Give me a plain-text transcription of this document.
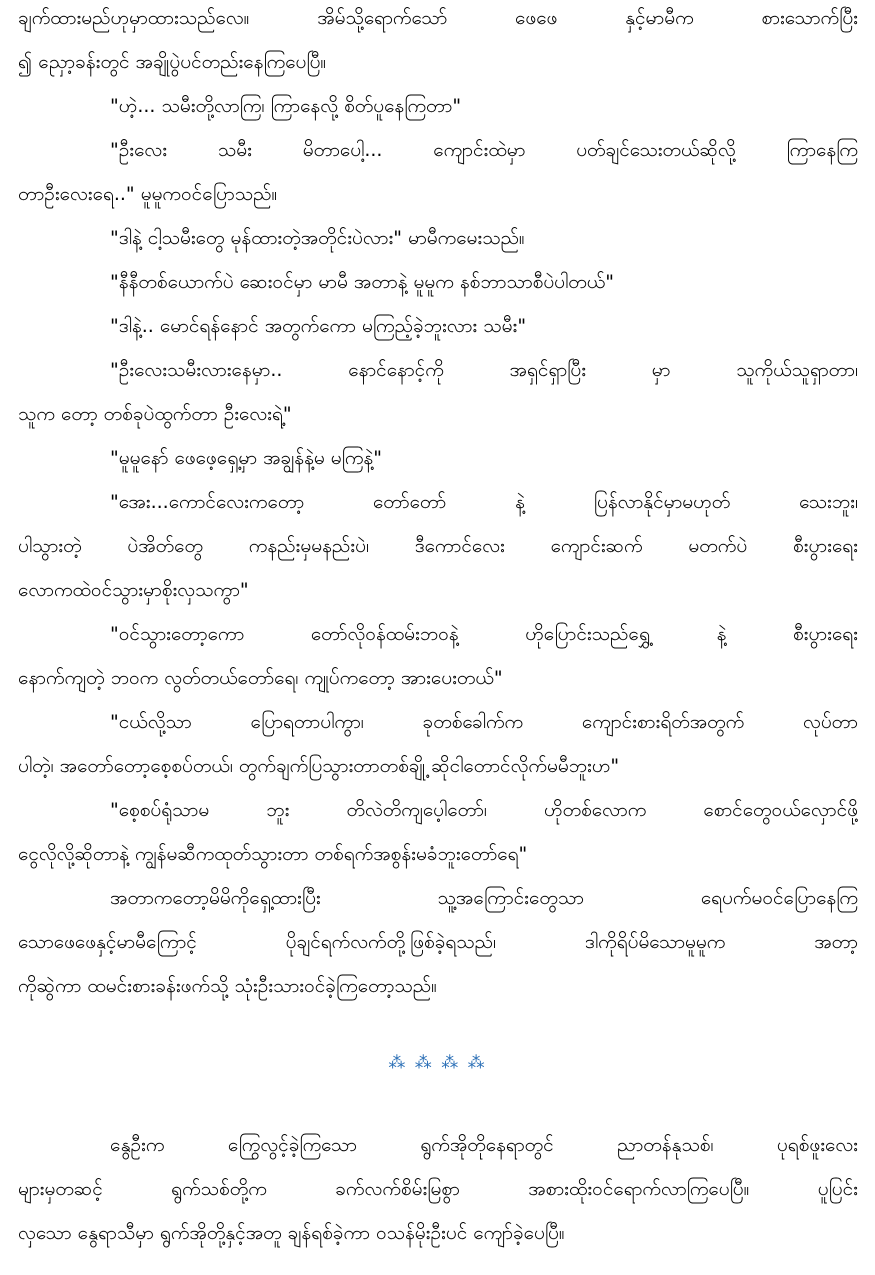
ချက်ထားမည်ဟုမှာထားသည်လေ။ အိမ်သို့ရောက်သော် ဖေဖေ နှင့်မာမီက စားသောက်ပြီး
၍ ညှော့ခန်းတွင် အချိုပွဲပင်တည်းနေကြပေပြီ။
"ဟဲ့... သမီးတို့လာကြ၊ ကြာနေလို့ စိတ်ပူနေကြတာ"
"ဦးလေး သမီး မိတာပေါ့... ကျောင်းထဲမှာ ပတ်ချင်သေးတယ်ဆိုလို့ ကြာနေကြ
တာဦးလေးရေ.." မူမူကဝင်ပြောသည်။
"ဒါနဲ့ ငါ့သမီးတွေ မုန်ထားတဲ့အတိုင်းပဲလား" မာမီကမေးသည်။
"နီနီတစ်ယောက်ပဲ ဆေးဝင်မှာ မာမီ အတာနဲ့ မူမူက နစ်ဘာသာစီပဲပါတယ်"
"ဒါနဲ့.. မောင်ရန်နောင် အတွက်ကော မကြည့်ခဲ့ဘူးလား သမီး"
"ဦးလေးသမီးလားနေမှာ.. နောင်နောင့်ကို အရှင်ရှာပြီး မှာ သူကိုယ်သူရှာတာ၊
သူက တော့ တစ်ခုပဲထွက်တာ ဦးလေးရဲ့"
"မူမူနော် ဖေဖေ့ရှေ့မှာ အချွန်နဲ့မ မကြနဲ့"
"အေး...ကောင်လေးကတော့ တော်တော် နဲ့ ပြန်လာနိုင်မှာမဟုတ် သေးဘူး၊
ပါသွားတဲ့ ပဲအိတ်တွေ ကနည်းမှမနည်းပဲ၊ ဒီကောင်လေး ကျောင်းဆက် မတက်ပဲ စီးပွားရေး
လောကထဲဝင်သွားမှာစိုးလှသကွာ"
"ဝင်သွားတော့ကော တော်လိုဝန်ထမ်းဘဝနဲ့ ဟိုပြောင်းသည်ရွှေ့ နဲ့ စီးပွားရေး
နောက်ကျတဲ့ ဘဝက လွတ်တယ်တော်ရေ၊ ကျုပ်ကတော့ အားပေးတယ်"
"ငယ်လို့သာ ပြောရတာပါကွာ၊ ခုတစ်ခေါက်က ကျောင်းစားရိတ်အတွက် လုပ်တာ
ပါတဲ့၊ အတော်တော့စေ့စပ်တယ်၊ တွက်ချက်ပြသွားတာတစ်ချို့ ဆိုငါတောင်လိုက်မမီဘူးဟ"
"စေ့စပ်ရုံသာမ ဘူး တိလဲတိကျပေ့ါတော်၊ ဟိုတစ်လောက စောင်တွေဝယ်လှောင်ဖို့
ငွေလိုလို့ဆိုတာနဲ့ ကျွန်မဆီကထုတ်သွားတာ တစ်ရက်အစွန်းမခံဘူးတော်ရေ"
အတာကတော့မိမိကိုရှေ့ထားပြီး သူ့အကြောင်းတွေသာ ရေပက်မဝင်ပြောနေကြ
သောဖေဖေနှင့်မာမီကြောင့် ပိုချင်ရက်လက်တို့ဖြစ်ခဲ့ရသည်၊ ဒါကိုရိပ်မိသောမူမူက အတာ့
ကိုဆွဲကာ ထမင်းစားခန်းဖက်သို့ သုံးဦးသားဝင်ခဲ့ကြတော့သည်။
⁂ ⁂ ⁂ ⁂
နွေဦးက ကြွေလွင့်ခဲ့ကြသော ရွက်အိုတိုနေရာတွင် ညာတန်နုသစ်၊ ပုရစ်ဖူးလေး
များမှတဆင့် ရွက်သစ်တို့က ခက်လက်စိမ်းမြစွာ အစားထိုးဝင်ရောက်လာကြပေပြီ။ ပူပြင်း
လှသော နွေရာသီမှာ ရွက်အိုတို့နှင့်အတူ ချန်ရစ်ခဲ့ကာ ဝသန်မိုးဦးပင် ကျော်ခဲ့ပေပြီ။
